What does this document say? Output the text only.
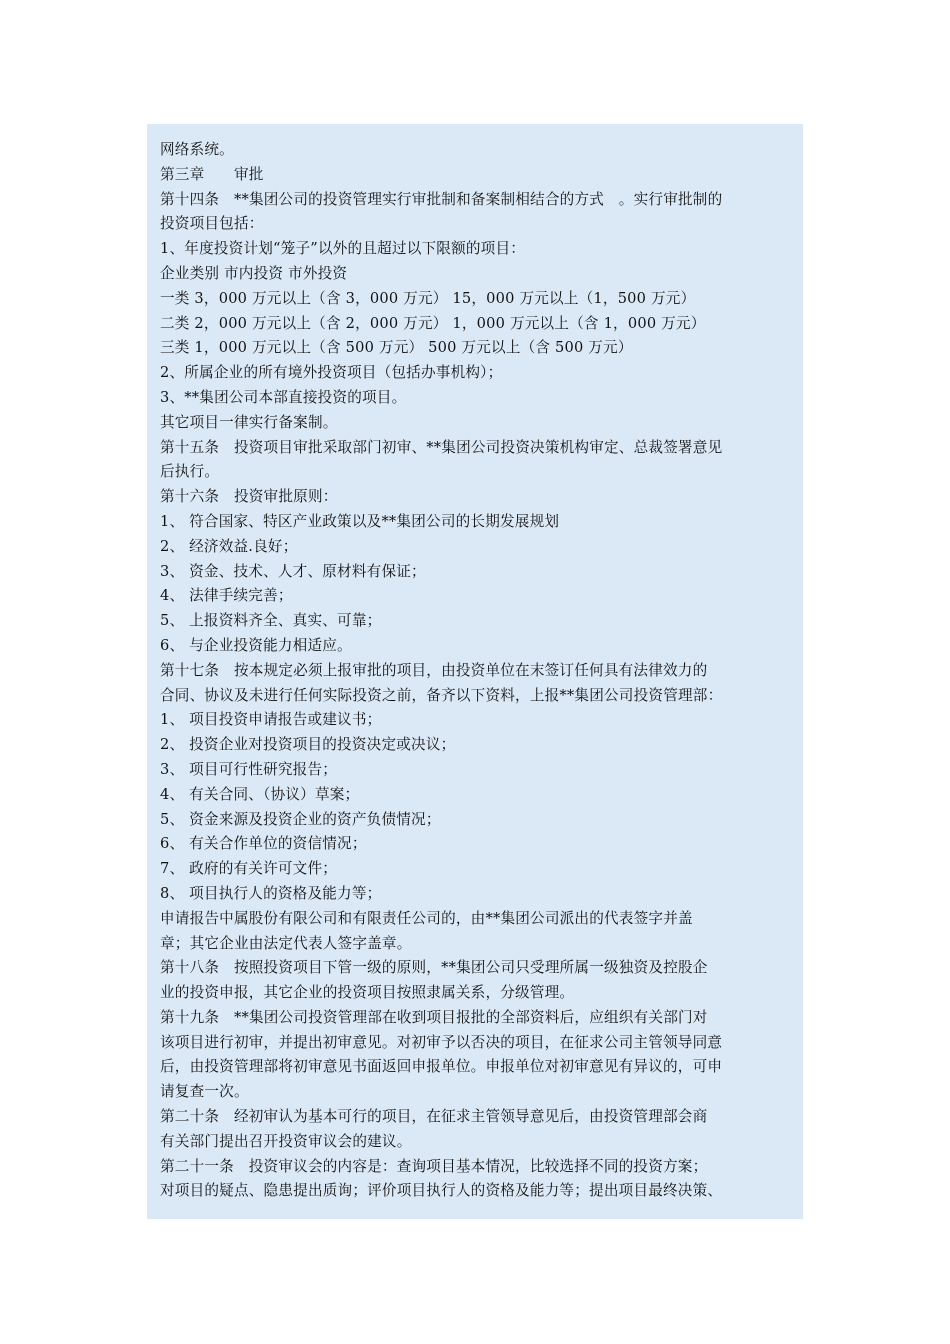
网络系统。
第三章　　审批
第十四条　**集团公司的投资管理实行审批制和备案制相结合的方式　。实行审批制的
投资项目包括：
1、年度投资计划“笼子”以外的且超过以下限额的项目：
企业类别 市内投资 市外投资
一类 3，000 万元以上（含 3，000 万元） 15，000 万元以上（1，500 万元）
二类 2，000 万元以上（含 2，000 万元） 1，000 万元以上（含 1，000 万元）
三类 1，000 万元以上（含 500 万元） 500 万元以上（含 500 万元）
2、所属企业的所有境外投资项目（包括办事机构）；
3、**集团公司本部直接投资的项目。
其它项目一律实行备案制。
第十五条　投资项目审批采取部门初审、**集团公司投资决策机构审定、总裁签署意见
后执行。
第十六条　投资审批原则：
1、 符合国家、特区产业政策以及**集团公司的长期发展规划
2、 经济效益.良好；
3、 资金、技术、人才、原材料有保证；
4、 法律手续完善；
5、 上报资料齐全、真实、可靠；
6、 与企业投资能力相适应。
第十七条　按本规定必须上报审批的项目，由投资单位在末签订任何具有法律效力的
合同、协议及未进行任何实际投资之前，备齐以下资料，上报**集团公司投资管理部：
1、 项目投资申请报告或建议书；
2、 投资企业对投资项目的投资决定或决议；
3、 项目可行性研究报告；
4、 有关合同、（协议）草案；
5、 资金来源及投资企业的资产负债情况；
6、 有关合作单位的资信情况；
7、 政府的有关许可文件；
8、 项目执行人的资格及能力等；
申请报告中属股份有限公司和有限责任公司的，由**集团公司派出的代表签字并盖
章；其它企业由法定代表人签字盖章。
第十八条　按照投资项目下管一级的原则，**集团公司只受理所属一级独资及控股企
业的投资申报，其它企业的投资项目按照隶属关系，分级管理。
第十九条　**集团公司投资管理部在收到项目报批的全部资料后，应组织有关部门对
该项目进行初审，并提出初审意见。对初审予以否决的项目，在征求公司主管领导同意
后，由投资管理部将初审意见书面返回申报单位。申报单位对初审意见有异议的，可申
请复查一次。
第二十条　经初审认为基本可行的项目，在征求主管领导意见后，由投资管理部会商
有关部门提出召开投资审议会的建议。
第二十一条　投资审议会的内容是：查询项目基本情况，比较选择不同的投资方案；
对项目的疑点、隐患提出质询；评价项目执行人的资格及能力等；提出项目最终决策、
